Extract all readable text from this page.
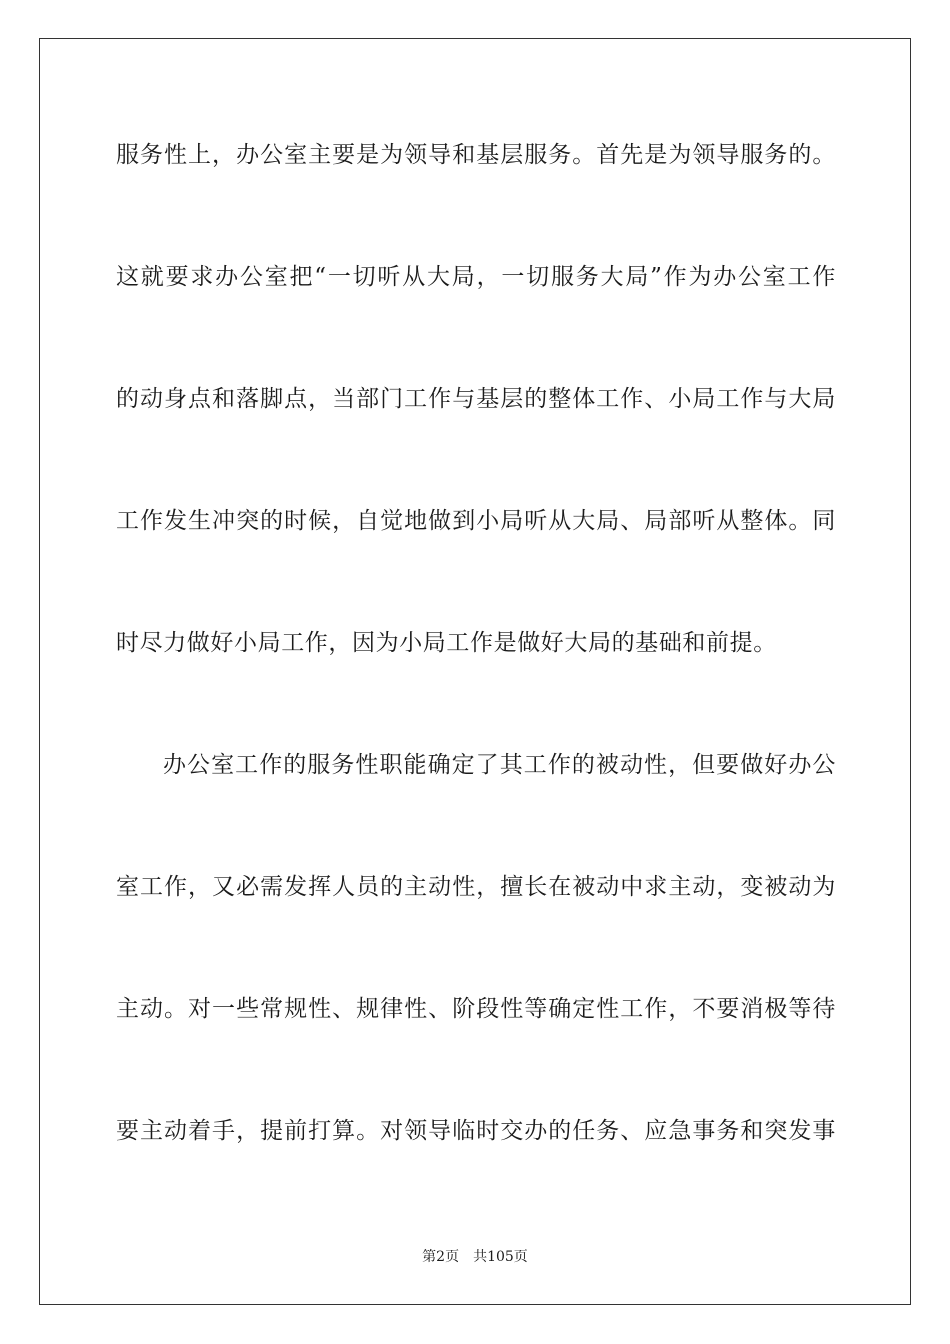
服务性上，办公室主要是为领导和基层服务。首先是为领导服务的。
这就要求办公室把“一切听从大局，一切服务大局”作为办公室工作
的动身点和落脚点，当部门工作与基层的整体工作、小局工作与大局
工作发生冲突的时候，自觉地做到小局听从大局、局部听从整体。同
时尽力做好小局工作，因为小局工作是做好大局的基础和前提。
办公室工作的服务性职能确定了其工作的被动性，但要做好办公
室工作，又必需发挥人员的主动性，擅长在被动中求主动，变被动为
主动。对一些常规性、规律性、阶段性等确定性工作，不要消极等待
要主动着手，提前打算。对领导临时交办的任务、应急事务和突发事
第2页　共105页
